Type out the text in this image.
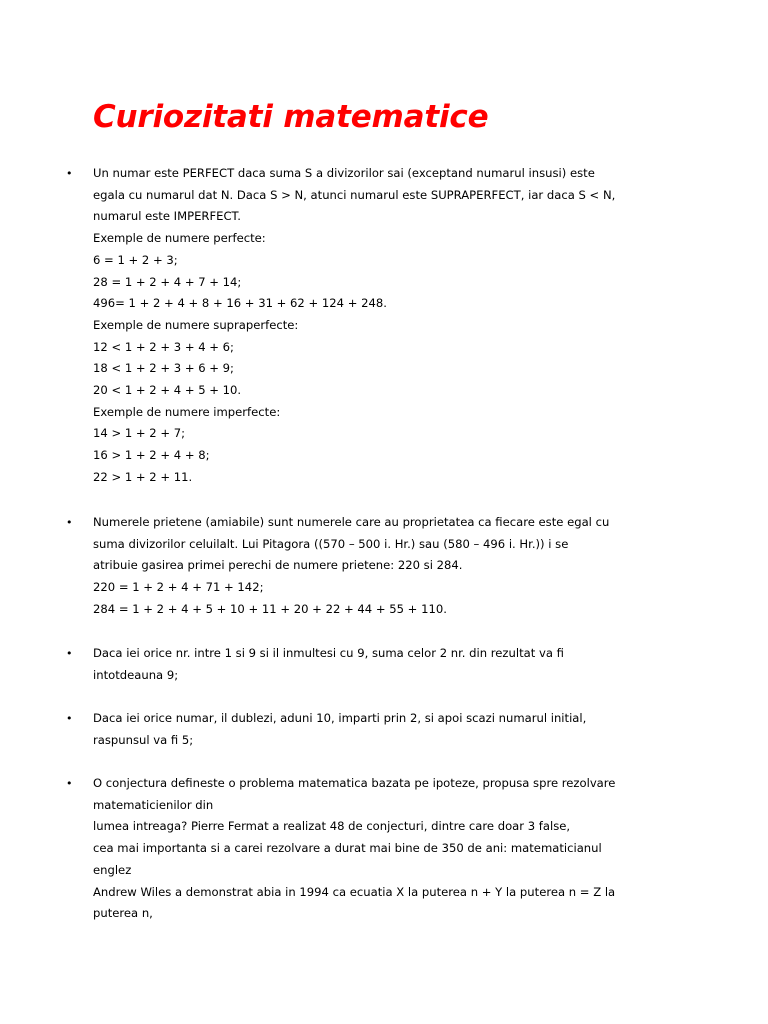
Curiozitati matematice
• Un numar este PERFECT daca suma S a divizorilor sai (exceptand numarul insusi) este
egala cu numarul dat N. Daca S > N, atunci numarul este SUPRAPERFECT, iar daca S < N,
numarul este IMPERFECT.
Exemple de numere perfecte:
6 = 1 + 2 + 3;
28 = 1 + 2 + 4 + 7 + 14;
496= 1 + 2 + 4 + 8 + 16 + 31 + 62 + 124 + 248.
Exemple de numere supraperfecte:
12 < 1 + 2 + 3 + 4 + 6;
18 < 1 + 2 + 3 + 6 + 9;
20 < 1 + 2 + 4 + 5 + 10.
Exemple de numere imperfecte:
14 > 1 + 2 + 7;
16 > 1 + 2 + 4 + 8;
22 > 1 + 2 + 11.
• Numerele prietene (amiabile) sunt numerele care au proprietatea ca fiecare este egal cu
suma divizorilor celuilalt. Lui Pitagora ((570 – 500 i. Hr.) sau (580 – 496 i. Hr.)) i se
atribuie gasirea primei perechi de numere prietene: 220 si 284.
220 = 1 + 2 + 4 + 71 + 142;
284 = 1 + 2 + 4 + 5 + 10 + 11 + 20 + 22 + 44 + 55 + 110.
• Daca iei orice nr. intre 1 si 9 si il inmultesi cu 9, suma celor 2 nr. din rezultat va fi
intotdeauna 9;
• Daca iei orice numar, il dublezi, aduni 10, imparti prin 2, si apoi scazi numarul initial,
raspunsul va fi 5;
• O conjectura defineste o problema matematica bazata pe ipoteze, propusa spre rezolvare
matematicienilor din
lumea intreaga? Pierre Fermat a realizat 48 de conjecturi, dintre care doar 3 false,
cea mai importanta si a carei rezolvare a durat mai bine de 350 de ani: matematicianul
englez
Andrew Wiles a demonstrat abia in 1994 ca ecuatia X la puterea n + Y la puterea n = Z la
puterea n,
